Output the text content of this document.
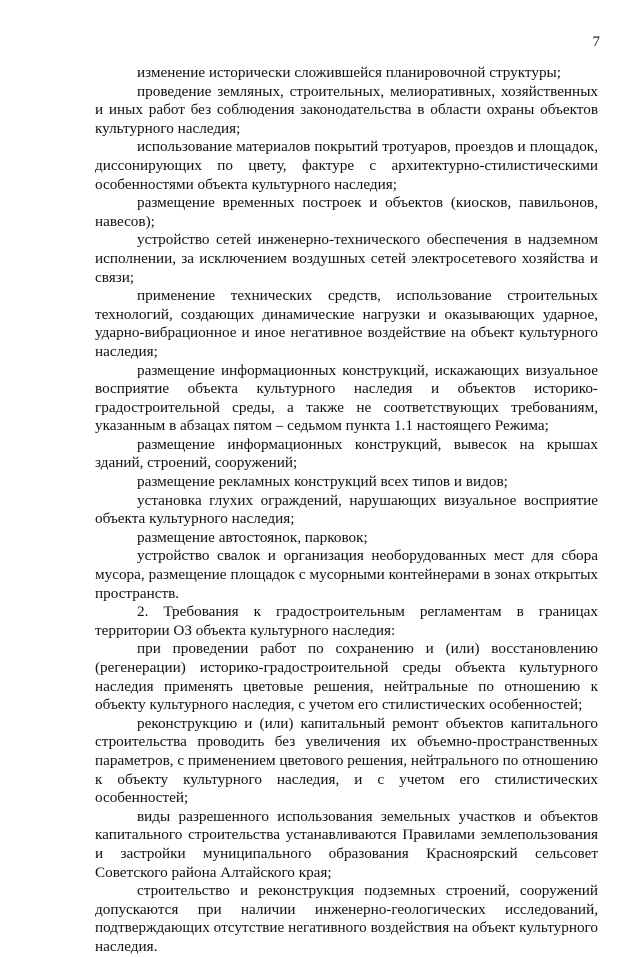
7

изменение исторически сложившейся планировочной структуры;

проведение земляных, строительных, мелиоративных, хозяйственных и иных работ без соблюдения законодательства в области охраны объектов культурного наследия;

использование материалов покрытий тротуаров, проездов и площадок, диссонирующих по цвету, фактуре с архитектурно-стилистическими особенностями объекта культурного наследия;

размещение временных построек и объектов (киосков, павильонов, навесов);

устройство сетей инженерно-технического обеспечения в надземном исполнении, за исключением воздушных сетей электросетевого хозяйства и связи;

применение технических средств, использование строительных технологий, создающих динамические нагрузки и оказывающих ударное, ударно-вибрационное и иное негативное воздействие на объект культурного наследия;

размещение информационных конструкций, искажающих визуальное восприятие объекта культурного наследия и объектов историко-градостроительной среды, а также не соответствующих требованиям, указанным в абзацах пятом – седьмом пункта 1.1 настоящего Режима;

размещение информационных конструкций, вывесок на крышах зданий, строений, сооружений;

размещение рекламных конструкций всех типов и видов;

установка глухих ограждений, нарушающих визуальное восприятие объекта культурного наследия;

размещение автостоянок, парковок;

устройство свалок и организация необорудованных мест для сбора мусора, размещение площадок с мусорными контейнерами в зонах открытых пространств.

2. Требования к градостроительным регламентам в границах территории ОЗ объекта культурного наследия:

при проведении работ по сохранению и (или) восстановлению (регенерации) историко-градостроительной среды объекта культурного наследия применять цветовые решения, нейтральные по отношению к объекту культурного наследия, с учетом его стилистических особенностей;

реконструкцию и (или) капитальный ремонт объектов капитального строительства проводить без увеличения их объемно-пространственных параметров, с применением цветового решения, нейтрального по отношению к объекту культурного наследия, и с учетом его стилистических особенностей;

виды разрешенного использования земельных участков и объектов капитального строительства устанавливаются Правилами землепользования и застройки муниципального образования Красноярский сельсовет Советского района Алтайского края;

строительство и реконструкция подземных строений, сооружений допускаются при наличии инженерно-геологических исследований, подтверждающих отсутствие негативного воздействия на объект культурного наследия.
